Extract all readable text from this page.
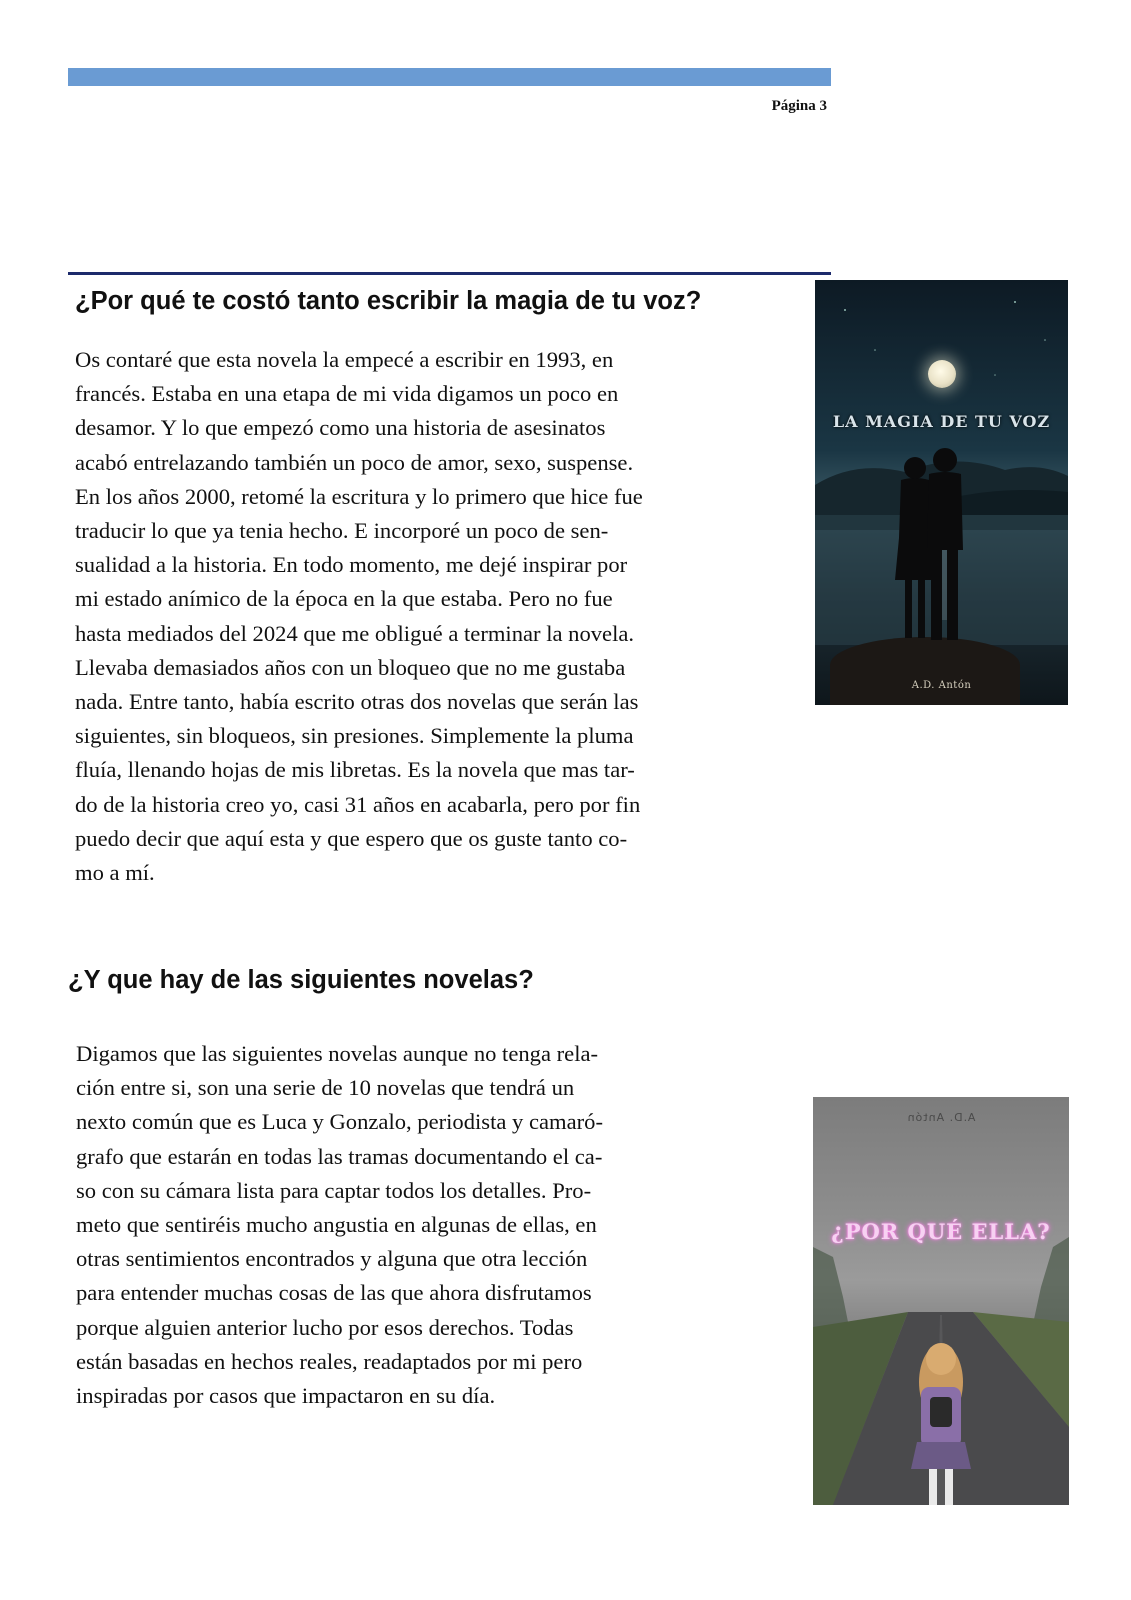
Página 3
¿Por qué te costó tanto escribir la magia de tu voz?
Os contaré que esta novela la empecé a escribir en 1993, en
francés. Estaba en una etapa de mi vida digamos un poco en
desamor. Y lo que empezó como una historia de asesinatos
acabó entrelazando también un poco de amor, sexo, suspense.
En los años 2000, retomé la escritura y lo primero que hice fue
traducir lo que ya tenia hecho. E incorporé un poco de sen-
sualidad a la historia. En todo momento, me dejé inspirar por
mi estado anímico de la época en la que estaba. Pero no fue
hasta mediados del 2024 que me obligué a terminar la novela.
Llevaba demasiados años con un bloqueo que no me gustaba
nada. Entre tanto, había escrito otras dos novelas que serán las
siguientes, sin bloqueos, sin presiones. Simplemente la pluma
fluía, llenando hojas de mis libretas. Es la novela que mas tar-
do de la historia creo yo, casi 31 años en acabarla, pero por fin
puedo decir que aquí esta y que espero que os guste tanto co-
mo a mí.
LA MAGIA DE TU VOZ
A.D. Antón
¿Y que hay de las siguientes novelas?
Digamos que las siguientes novelas aunque no tenga rela-
ción entre si, son una serie de 10 novelas que tendrá un
nexto común que es Luca y Gonzalo, periodista y camaró-
grafo que estarán en todas las tramas documentando el ca-
so con su cámara lista para captar todos los detalles. Pro-
meto que sentiréis mucho angustia en algunas de ellas, en
otras sentimientos encontrados y alguna que otra lección
para entender muchas cosas de las que ahora disfrutamos
porque alguien anterior lucho por esos derechos. Todas
están basadas en hechos reales, readaptados por mi pero
inspiradas por casos que impactaron en su día.
A.D. Antón
¿POR QUÉ ELLA?
